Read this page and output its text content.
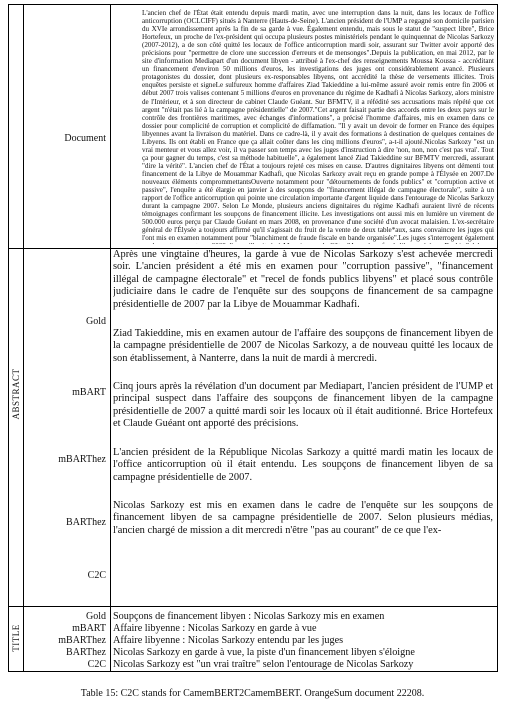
Document
L'ancien chef de l'État était entendu depuis mardi matin, avec une interruption dans la nuit, dans les locaux de l'office anticorruption (OCLCIFF) situés à Nanterre (Hauts-de-Seine). L'ancien président de l'UMP a regagné son domicile parisien du XVIe arrondissement après la fin de sa garde à vue. Également entendu, mais sous le statut de "suspect libre", Brice Hortefeux, un proche de l'ex-président qui occupa plusieurs postes ministériels pendant le quinquennat de Nicolas Sarkozy (2007-2012), a de son côté quitté les locaux de l'office anticorruption mardi soir, assurant sur Twitter avoir apporté des précisions pour "permettre de clore une succession d'erreurs et de mensonges".Depuis la publication, en mai 2012, par le site d'information Mediapart d'un document libyen - attribué à l'ex-chef des renseignements Moussa Koussa - accréditant un financement d'environ 50 millions d'euros, les investigations des juges ont considérablement avancé. Plusieurs protagonistes du dossier, dont plusieurs ex-responsables libyens, ont accrédité la thèse de versements illicites. Trois enquêtes persiste et signeLe sulfureux homme d'affaires Ziad Takieddine a lui-même assuré avoir remis entre fin 2006 et début 2007 trois valises contenant 5 millions d'euros en provenance du régime de Kadhafi à Nicolas Sarkozy, alors ministre de l'Intérieur, et à son directeur de cabinet Claude Guéant. Sur BFMTV, il a réfédité ses accusations mais répété que cet argent "n'était pas lié à la campagne présidentielle" de 2007."Cet argent faisait partie des accords entre les deux pays sur le contrôle des frontières maritimes, avec échanges d'informations", a précisé l'homme d'affaires, mis en examen dans ce dossier pour complicité de corruption et complicité de diffamation. "Il y avait un devoir de former en France des équipes libyennes avant la livraison du matériel. Dans ce cadre-là, il y avait des formations à destination de quelques centaines de Libyens. Ils ont établi en France que ça allait coûter dans les cinq millions d'euros", a-t-il ajouté.Nicolas Sarkozy "est un vrai menteur et vous allez voir, il va passer son temps avec les juges d'instruction à dire 'non, non, non c'est pas vrai'. Tout ça pour gagner du temps, c'est sa méthode habituelle", a également lancé Ziad Takieddine sur BFMTV mercredi, assurant "dire la vérité". L'ancien chef de l'État a toujours rejeté ces mises en cause. D'autres dignitaires libyens ont démenti tout financement de la Libye de Mouammar Kadhafi, que Nicolas Sarkozy avait reçu en grande pompe à l'Élysée en 2007.De nouveaux éléments comprommettantsOuverte notamment pour "détournements de fonds publics" et "corruption active et passive", l'enquête a été élargie en janvier à des soupçons de "financement illégal de campagne électorale", suite à un rapport de l'office anticorruption qui pointe une circulation importante d'argent liquide dans l'entourage de Nicolas Sarkozy durant la campagne 2007. Selon Le Monde, plusieurs anciens dignitaires du régime Kadhafi auraient livré de récents témoignages confirmant les soupçons de financement illicite. Les investigations ont aussi mis en lumière un virement de 500.000 euros perçu par Claude Guéant en mars 2008, en provenance d'une société d'un avocat malaisien. L'ex-secrétaire général de l'Élysée a toujours affirmé qu'il s'agissait du fruit de la vente de deux table*aux, sans convaincre les juges qui l'ont mis en examen notamment pour "blanchiment de fraude fiscale en bande organisée".Les juges s'interrogent également
ABSTRACT
Gold
Après une vingtaine d'heures, la garde à vue de Nicolas Sarkozy s'est achevée mercredi soir. L'ancien président a été mis en examen pour "corruption passive", "financement illégal de campagne électorale" et "recel de fonds publics libyens" et placé sous contrôle judiciaire dans le cadre de l'enquête sur des soupçons de financement de sa campagne présidentielle de 2007 par la Libye de Mouammar Kadhafi.
mBART
Ziad Takieddine, mis en examen autour de l'affaire des soupçons de financement libyen de la campagne présidentielle de 2007 de Nicolas Sarkozy, a de nouveau quitté les locaux de son établissement, à Nanterre, dans la nuit de mardi à mercredi.
mBARThez
Cinq jours après la révélation d'un document par Mediapart, l'ancien président de l'UMP et principal suspect dans l'affaire des soupçons de financement libyen de la campagne présidentielle de 2007 a quitté mardi soir les locaux où il était auditionné. Brice Hortefeux et Claude Guéant ont apporté des précisions.
BARThez
L'ancien président de la République Nicolas Sarkozy a quitté mardi matin les locaux de l'office anticorruption où il était entendu. Les soupçons de financement libyen de sa campagne présidentielle de 2007.
C2C
Nicolas Sarkozy est mis en examen dans le cadre de l'enquête sur les soupçons de financement libyen de sa campagne présidentielle de 2007. Selon plusieurs médias, l'ancien chargé de mission a dit mercredi n'être "pas au courant" de ce que l'ex-
TITLE
Gold Soupçons de financement libyen : Nicolas Sarkozy mis en examen
mBART Affaire libyenne : Nicolas Sarkozy en garde à vue
mBARThez Affaire libyenne : Nicolas Sarkozy entendu par les juges
BARThez Nicolas Sarkozy en garde à vue, la piste d'un financement libyen s'éloigne
C2C Nicolas Sarkozy est "un vrai traître" selon l'entourage de Nicolas Sarkozy
Table 15: C2C stands for CamemBERT2CamemBERT. OrangeSum document 22208.
